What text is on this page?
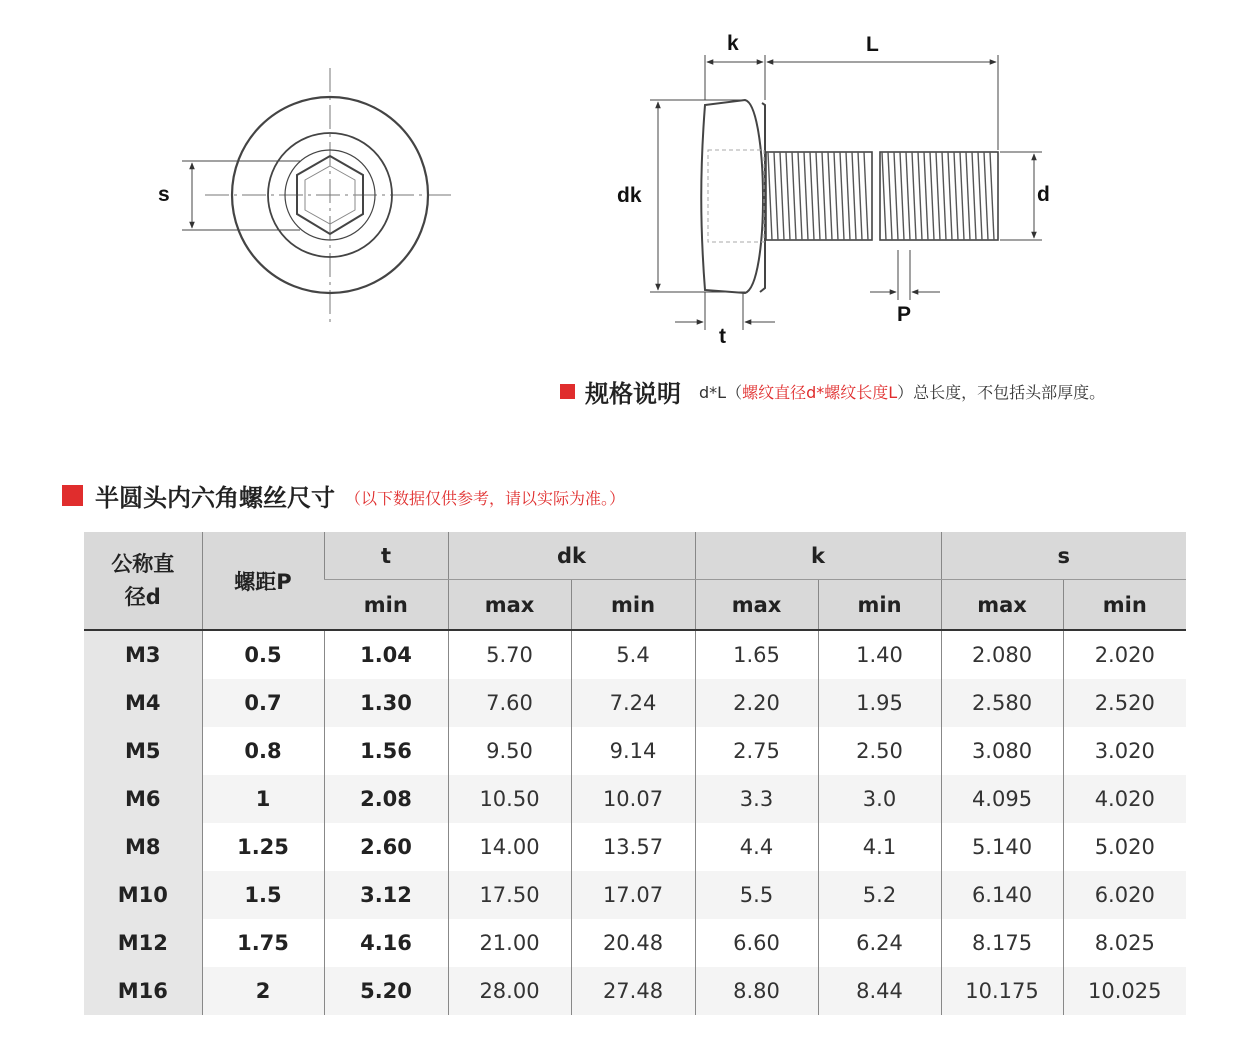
s
k	L
dk	d
t
P
规格说明 d*L（螺纹直径d*螺纹长度L）总长度，不包括头部厚度。
半圆头内六角螺丝尺寸 （以下数据仅供参考，请以实际为准。）
公称直径d	螺距P	t	dk		k		s	
		min	max	min	max	min	max	min
M3	0.5	1.04	5.70	5.4	1.65	1.40	2.080	2.020
M4	0.7	1.30	7.60	7.24	2.20	1.95	2.580	2.520
M5	0.8	1.56	9.50	9.14	2.75	2.50	3.080	3.020
M6	1	2.08	10.50	10.07	3.3	3.0	4.095	4.020
M8	1.25	2.60	14.00	13.57	4.4	4.1	5.140	5.020
M10	1.5	3.12	17.50	17.07	5.5	5.2	6.140	6.020
M12	1.75	4.16	21.00	20.48	6.60	6.24	8.175	8.025
M16	2	5.20	28.00	27.48	8.80	8.44	10.175	10.025
